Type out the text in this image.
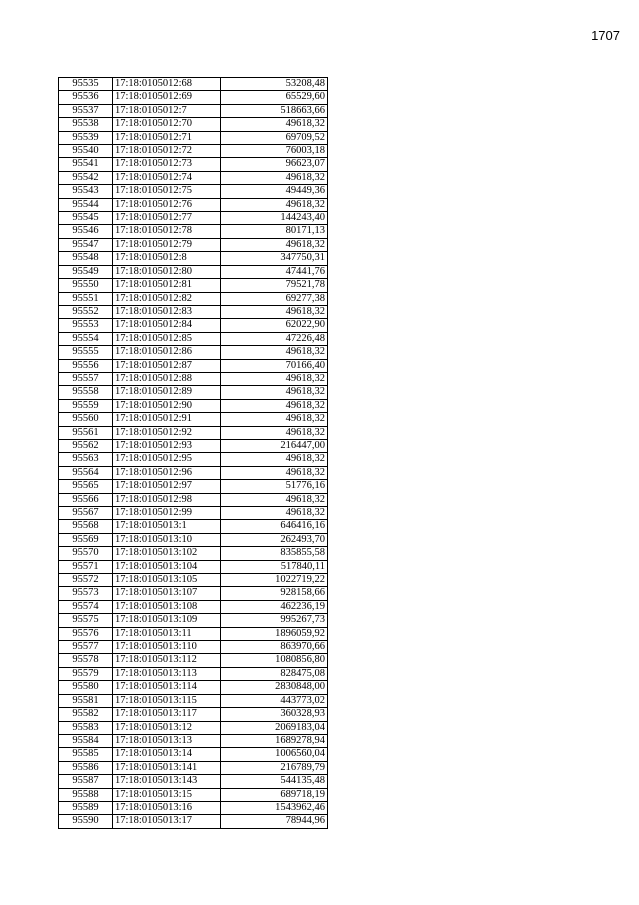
1707
95535	17:18:0105012:68	53208,48
95536	17:18:0105012:69	65529,60
95537	17:18:0105012:7	518663,66
95538	17:18:0105012:70	49618,32
95539	17:18:0105012:71	69709,52
95540	17:18:0105012:72	76003,18
95541	17:18:0105012:73	96623,07
95542	17:18:0105012:74	49618,32
95543	17:18:0105012:75	49449,36
95544	17:18:0105012:76	49618,32
95545	17:18:0105012:77	144243,40
95546	17:18:0105012:78	80171,13
95547	17:18:0105012:79	49618,32
95548	17:18:0105012:8	347750,31
95549	17:18:0105012:80	47441,76
95550	17:18:0105012:81	79521,78
95551	17:18:0105012:82	69277,38
95552	17:18:0105012:83	49618,32
95553	17:18:0105012:84	62022,90
95554	17:18:0105012:85	47226,48
95555	17:18:0105012:86	49618,32
95556	17:18:0105012:87	70166,40
95557	17:18:0105012:88	49618,32
95558	17:18:0105012:89	49618,32
95559	17:18:0105012:90	49618,32
95560	17:18:0105012:91	49618,32
95561	17:18:0105012:92	49618,32
95562	17:18:0105012:93	216447,00
95563	17:18:0105012:95	49618,32
95564	17:18:0105012:96	49618,32
95565	17:18:0105012:97	51776,16
95566	17:18:0105012:98	49618,32
95567	17:18:0105012:99	49618,32
95568	17:18:0105013:1	646416,16
95569	17:18:0105013:10	262493,70
95570	17:18:0105013:102	835855,58
95571	17:18:0105013:104	517840,11
95572	17:18:0105013:105	1022719,22
95573	17:18:0105013:107	928158,66
95574	17:18:0105013:108	462236,19
95575	17:18:0105013:109	995267,73
95576	17:18:0105013:11	1896059,92
95577	17:18:0105013:110	863970,66
95578	17:18:0105013:112	1080856,80
95579	17:18:0105013:113	828475,08
95580	17:18:0105013:114	2830848,00
95581	17:18:0105013:115	443773,02
95582	17:18:0105013:117	360328,93
95583	17:18:0105013:12	2069183,04
95584	17:18:0105013:13	1689278,94
95585	17:18:0105013:14	1006560,04
95586	17:18:0105013:141	216789,79
95587	17:18:0105013:143	544135,48
95588	17:18:0105013:15	689718,19
95589	17:18:0105013:16	1543962,46
95590	17:18:0105013:17	78944,96
